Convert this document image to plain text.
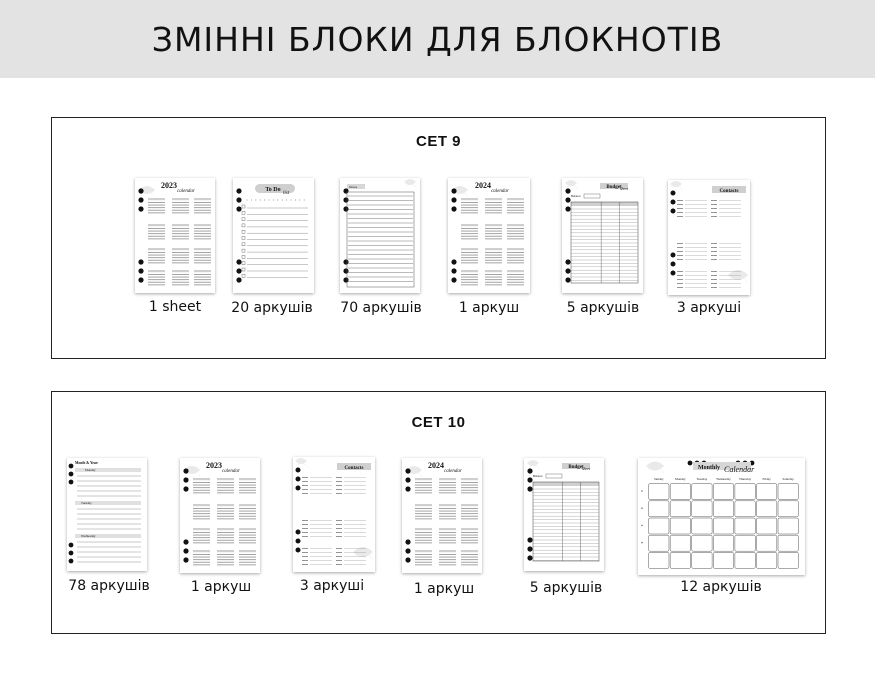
ЗМІННІ БЛОКИ ДЛЯ БЛОКНОТІВ
СЕТ 9
СЕТ 10
2023
calendar
1 sheet
To Do
list
20 аркушів
Notes
70 аркушів
2024
calendar
1 аркуш
Budget
sheet
Balance
5 аркушів
Contacts
3 аркуші
Month & Year:
Monday
Tuesday
Wednesday
78 аркушів
2023
calendar
1 аркуш
Contacts
3 аркуші
2024
calendar
1 аркуш
Budget
sheet
Balance
5 аркушів
Monthly Calendar
Sunday	Monday	Tuesday	Wednesday	Thursday	Friday	Saturday
12 аркушів
